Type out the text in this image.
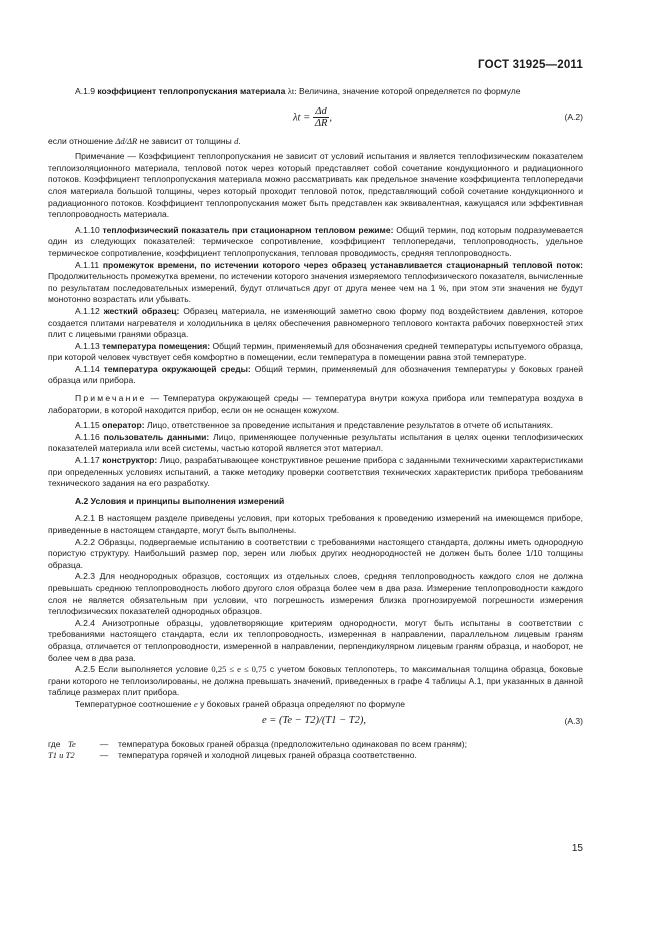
ГОСТ 31925—2011

А.1.9 коэффициент теплопропускания материала λt: Величина, значение которой определяется по формуле

$\lambda t = \frac{\Delta d}{\Delta R}$ ,	(А.2)

если отношение Δd/ΔR не зависит от толщины d.

Примечание — Коэффициент теплопропускания не зависит от условий испытания и является теплофизическим показателем теплоизоляционного материала, тепловой поток через который представляет собой сочетание кондукционного и радиационного потоков. Коэффициент теплопропускания материала можно рассматривать как предельное значение коэффициента теплопередачи слоя материала большой толщины, через который проходит тепловой поток, представляющий собой сочетание кондукционного и радиационного потоков. Коэффициент теплопропускания может быть представлен как эквивалентная, кажущаяся или эффективная теплопроводность материала.

А.1.10 теплофизический показатель при стационарном тепловом режиме: Общий термин, под которым подразумевается один из следующих показателей: термическое сопротивление, коэффициент теплопередачи, теплопроводность, удельное термическое сопротивление, коэффициент теплопропускания, тепловая проводимость, средняя теплопроводность.

А.1.11 промежуток времени, по истечении которого через образец устанавливается стационарный тепловой поток: Продолжительность промежутка времени, по истечении которого значения измеряемого теплофизического показателя, вычисленные по результатам последовательных измерений, будут отличаться друг от друга менее чем на 1 %, при этом эти значения не будут монотонно возрастать или убывать.

А.1.12 жесткий образец: Образец материала, не изменяющий заметно свою форму под воздействием давления, которое создается плитами нагревателя и холодильника в целях обеспечения равномерного теплового контакта рабочих поверхностей этих плит с лицевыми гранями образца.

А.1.13 температура помещения: Общий термин, применяемый для обозначения средней температуры испытуемого образца, при которой человек чувствует себя комфортно в помещении, если температура в помещении равна этой температуре.

А.1.14 температура окружающей среды: Общий термин, применяемый для обозначения температуры у боковых граней образца или прибора.

Примечание — Температура окружающей среды — температура внутри кожуха прибора или температура воздуха в лаборатории, в которой находится прибор, если он не оснащен кожухом.

А.1.15 оператор: Лицо, ответственное за проведение испытания и представление результатов в отчете об испытаниях.

А.1.16 пользователь данными: Лицо, применяющее полученные результаты испытания в целях оценки теплофизических показателей материала или всей системы, частью которой является этот материал.

А.1.17 конструктор: Лицо, разрабатывающее конструктивное решение прибора с заданными техническими характеристиками при определенных условиях испытаний, а также методику проверки соответствия технических характеристик прибора требованиям технического задания на его разработку.

А.2 Условия и принципы выполнения измерений

А.2.1 В настоящем разделе приведены условия, при которых требования к проведению измерений на имеющемся приборе, приведенные в настоящем стандарте, могут быть выполнены.

А.2.2 Образцы, подвергаемые испытанию в соответствии с требованиями настоящего стандарта, должны иметь однородную пористую структуру. Наибольший размер пор, зерен или любых других неоднородностей не должен быть более 1/10 толщины образца.

А.2.3 Для неоднородных образцов, состоящих из отдельных слоев, средняя теплопроводность каждого слоя не должна превышать среднюю теплопроводность любого другого слоя образца более чем в два раза. Измерение теплопроводности каждого слоя не является обязательным при условии, что погрешность измерения близка прогнозируемой погрешности измерения теплофизических показателей однородных образцов.

А.2.4 Анизотропные образцы, удовлетворяющие критериям однородности, могут быть испытаны в соответствии с требованиями настоящего стандарта, если их теплопроводность, измеренная в направлении, параллельном лицевым граням образца, отличается от теплопроводности, измеренной в направлении, перпендикулярном лицевым граням образца, и наоборот, не более чем в два раза.

А.2.5 Если выполняется условие 0,25 ≤ e ≤ 0,75 с учетом боковых теплопотерь, то максимальная толщина образца, боковые грани которого не теплоизолированы, не должна превышать значений, приведенных в графе 4 таблицы А.1, при указанных в данной таблице размерах плит прибора.

Температурное соотношение e у боковых граней образца определяют по формуле

e = (Te − T2)/(T1 − T2),	(А.3)
где Te	—	температура боковых граней образца (предположительно одинаковая по всем граням);
T1 и T2	—	температура горячей и холодной лицевых граней образца соответственно.
15
